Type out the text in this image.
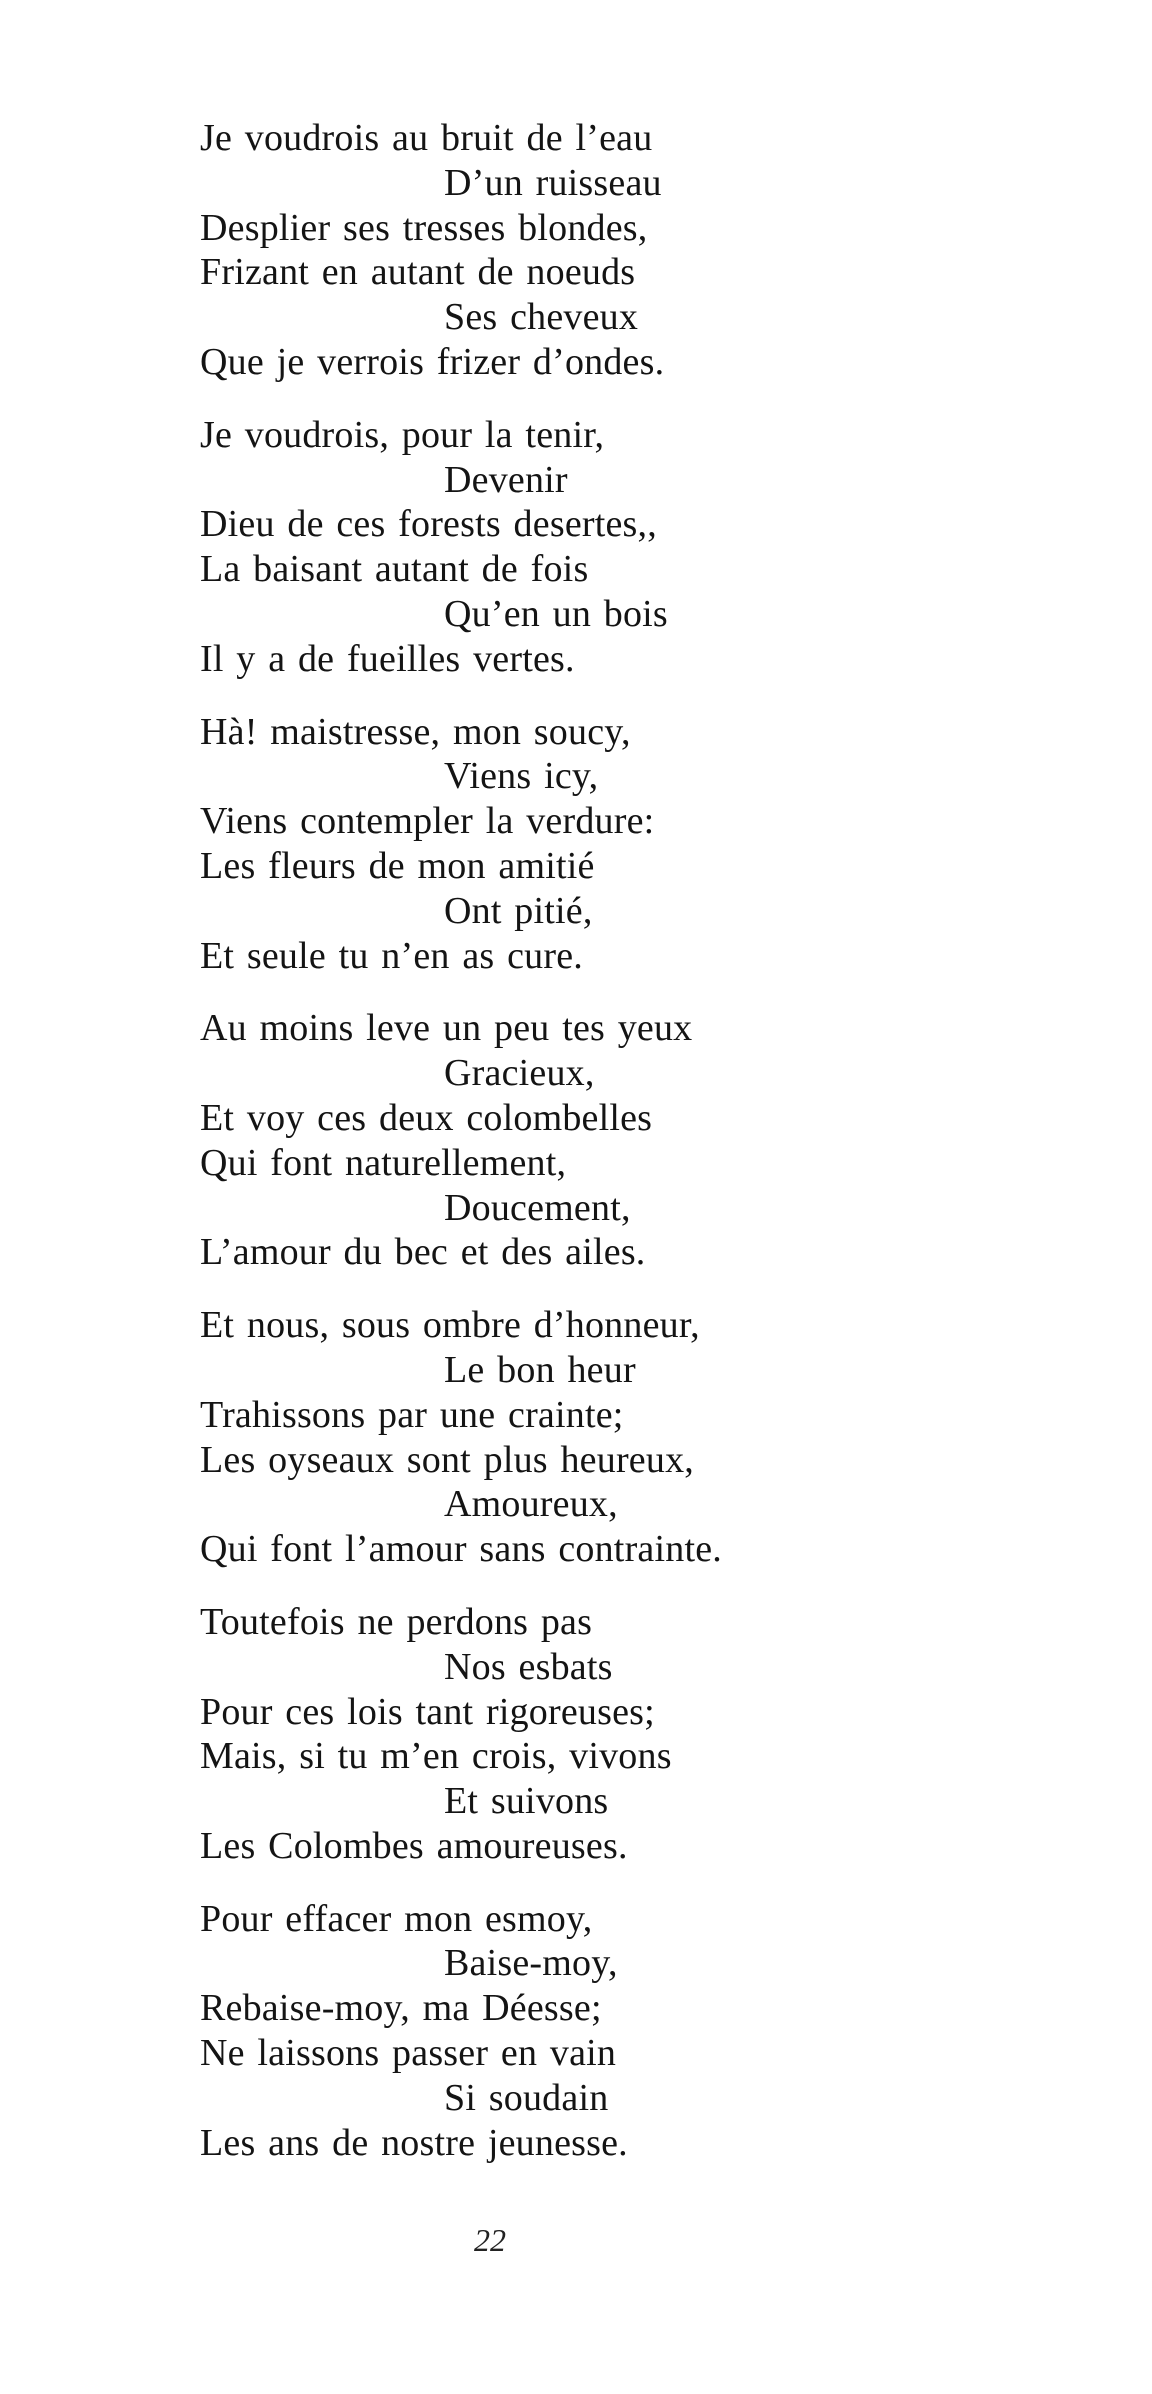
Je voudrois au bruit de l’eau
D’un ruisseau
Desplier ses tresses blondes,
Frizant en autant de noeuds
Ses cheveux
Que je verrois frizer d’ondes.
Je voudrois, pour la tenir,
Devenir
Dieu de ces forests desertes,,
La baisant autant de fois
Qu’en un bois
Il y a de fueilles vertes.
Hà! maistresse, mon soucy,
Viens icy,
Viens contempler la verdure:
Les fleurs de mon amitié
Ont pitié,
Et seule tu n’en as cure.
Au moins leve un peu tes yeux
Gracieux,
Et voy ces deux colombelles
Qui font naturellement,
Doucement,
L’amour du bec et des ailes.
Et nous, sous ombre d’honneur,
Le bon heur
Trahissons par une crainte;
Les oyseaux sont plus heureux,
Amoureux,
Qui font l’amour sans contrainte.
Toutefois ne perdons pas
Nos esbats
Pour ces lois tant rigoreuses;
Mais, si tu m’en crois, vivons
Et suivons
Les Colombes amoureuses.
Pour effacer mon esmoy,
Baise-moy,
Rebaise-moy, ma Déesse;
Ne laissons passer en vain
Si soudain
Les ans de nostre jeunesse.
22
